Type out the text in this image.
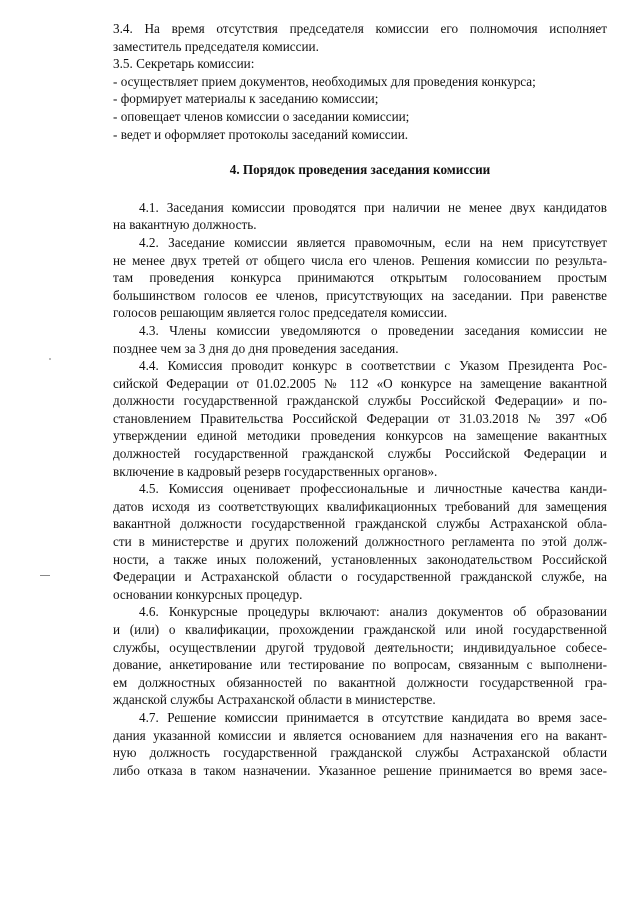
3.4. На время отсутствия председателя комиссии его полномочия исполняет
заместитель председателя комиссии.
3.5. Секретарь комиссии:
- осуществляет прием документов, необходимых для проведения конкурса;
- формирует материалы к заседанию комиссии;
- оповещает членов комиссии о заседании комиссии;
- ведет и оформляет протоколы заседаний комиссии.
4. Порядок проведения заседания комиссии
4.1. Заседания комиссии проводятся при наличии не менее двух кандидатов
на вакантную должность.
4.2. Заседание комиссии является правомочным, если на нем присутствует
не менее двух третей от общего числа его членов. Решения комиссии по результа-
там проведения конкурса принимаются открытым голосованием простым
большинством голосов ее членов, присутствующих на заседании. При равенстве
голосов решающим является голос председателя комиссии.
4.3. Члены комиссии уведомляются о проведении заседания комиссии не
позднее чем за 3 дня до дня проведения заседания.
4.4. Комиссия проводит конкурс в соответствии с Указом Президента Рос-
сийской Федерации от 01.02.2005 № 112 «О конкурсе на замещение вакантной
должности государственной гражданской службы Российской Федерации» и по-
становлением Правительства Российской Федерации от 31.03.2018 № 397 «Об
утверждении единой методики проведения конкурсов на замещение вакантных
должностей государственной гражданской службы Российской Федерации и
включение в кадровый резерв государственных органов».
4.5. Комиссия оценивает профессиональные и личностные качества канди-
датов исходя из соответствующих квалификационных требований для замещения
вакантной должности государственной гражданской службы Астраханской обла-
сти в министерстве и других положений должностного регламента по этой долж-
ности, а также иных положений, установленных законодательством Российской
Федерации и Астраханской области о государственной гражданской службе, на
основании конкурсных процедур.
4.6. Конкурсные процедуры включают: анализ документов об образовании
и (или) о квалификации, прохождении гражданской или иной государственной
службы, осуществлении другой трудовой деятельности; индивидуальное собесе-
дование, анкетирование или тестирование по вопросам, связанным с выполнени-
ем должностных обязанностей по вакантной должности государственной гра-
жданской службы Астраханской области в министерстве.
4.7. Решение комиссии принимается в отсутствие кандидата во время засе-
дания указанной комиссии и является основанием для назначения его на вакант-
ную должность государственной гражданской службы Астраханской области
либо отказа в таком назначении. Указанное решение принимается во время засе-
